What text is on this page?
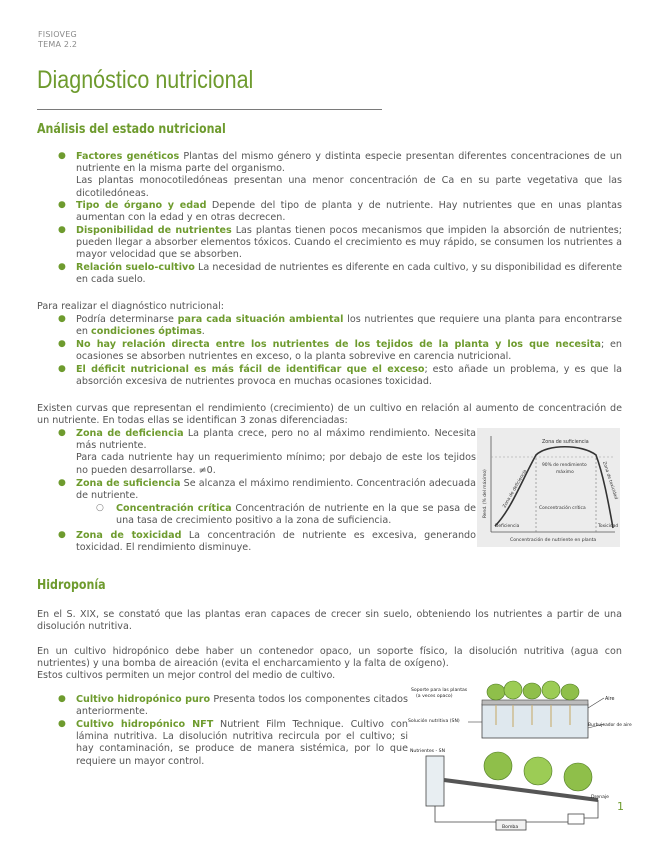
FISIOVEG
TEMA 2.2
Diagnóstico nutricional
Análisis del estado nutricional
● Factores genéticos Plantas del mismo género y distinta especie presentan diferentes concentraciones de un nutriente en la misma parte del organismo.
Las plantas monocotiledóneas presentan una menor concentración de Ca en su parte vegetativa que las dicotiledóneas.
● Tipo de órgano y edad Depende del tipo de planta y de nutriente. Hay nutrientes que en unas plantas aumentan con la edad y en otras decrecen.
● Disponibilidad de nutrientes Las plantas tienen pocos mecanismos que impiden la absorción de nutrientes; pueden llegar a absorber elementos tóxicos. Cuando el crecimiento es muy rápido, se consumen los nutrientes a mayor velocidad que se absorben.
● Relación suelo-cultivo La necesidad de nutrientes es diferente en cada cultivo, y su disponibilidad es diferente en cada suelo.
Para realizar el diagnóstico nutricional:
● Podría determinarse para cada situación ambiental los nutrientes que requiere una planta para encontrarse en condiciones óptimas.
● No hay relación directa entre los nutrientes de los tejidos de la planta y los que necesita; en ocasiones se absorben nutrientes en exceso, o la planta sobrevive en carencia nutricional.
● El déficit nutricional es más fácil de identificar que el exceso; esto añade un problema, y es que la absorción excesiva de nutrientes provoca en muchas ocasiones toxicidad.
Existen curvas que representan el rendimiento (crecimiento) de un cultivo en relación al aumento de concentración de un nutriente. En todas ellas se identifican 3 zonas diferenciadas:
● Zona de deficiencia La planta crece, pero no al máximo rendimiento. Necesita más nutriente.
Para cada nutriente hay un requerimiento mínimo; por debajo de este los tejidos no pueden desarrollarse. ≠0.
● Zona de suficiencia Se alcanza el máximo rendimiento. Concentración adecuada de nutriente.
○ Concentración crítica Concentración de nutriente en la que se pasa de una tasa de crecimiento positivo a la zona de suficiencia.
● Zona de toxicidad La concentración de nutriente es excesiva, generando toxicidad. El rendimiento disminuye.
Zona de suficiencia
Rend. (% del máximo)	Zona de deficiencia	Zona de toxicidad
90% de rendimiento
máximo
Concentración crítica
Deficiencia	Toxicidad
Concentración de nutriente en planta
Hidroponía
En el S. XIX, se constató que las plantas eran capaces de crecer sin suelo, obteniendo los nutrientes a partir de una disolución nutritiva.
En un cultivo hidropónico debe haber un contenedor opaco, un soporte físico, la disolución nutritiva (agua con nutrientes) y una bomba de aireación (evita el encharcamiento y la falta de oxígeno).
Estos cultivos permiten un mejor control del medio de cultivo.
● Cultivo hidropónico puro Presenta todos los componentes citados anteriormente.
● Cultivo hidropónico NFT Nutrient Film Technique. Cultivo con lámina nutritiva. La disolución nutritiva recircula por el cultivo; si hay contaminación, se produce de manera sistémica, por lo que requiere un mayor control.
Soporte para las plantas
(a veces opaco)
Aire
Solución nutritiva (SN)
Burbujeador de aire
Nutrientes - SN
Drenaje
Bomba
1
